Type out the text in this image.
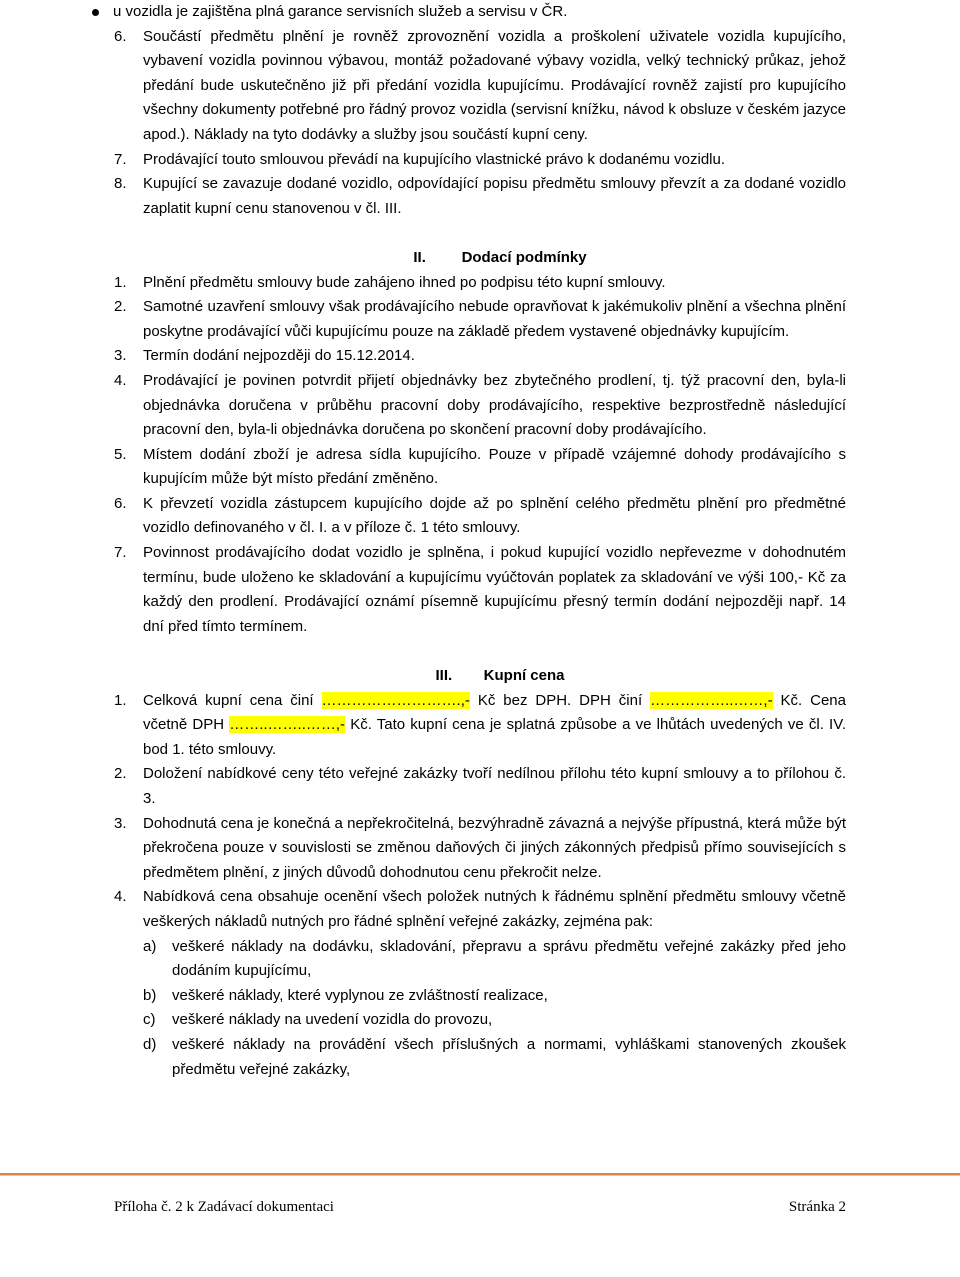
u vozidla je zajištěna plná garance servisních služeb a servisu v ČR.
6. Součástí předmětu plnění je rovněž zprovoznění vozidla a proškolení uživatele vozidla kupujícího, vybavení vozidla povinnou výbavou, montáž požadované výbavy vozidla, velký technický průkaz, jehož předání bude uskutečněno již při předání vozidla kupujícímu. Prodávající rovněž zajistí pro kupujícího všechny dokumenty potřebné pro řádný provoz vozidla (servisní knížku, návod k obsluze v českém jazyce apod.). Náklady na tyto dodávky a služby jsou součástí kupní ceny.

7. Prodávající touto smlouvou převádí na kupujícího vlastnické právo k dodanému vozidlu.

8. Kupující se zavazuje dodané vozidlo, odpovídající popisu předmětu smlouvy převzít a za dodané vozidlo zaplatit kupní cenu stanovenou v čl. III.

II. Dodací podmínky
1. Plnění předmětu smlouvy bude zahájeno ihned po podpisu této kupní smlouvy.

2. Samotné uzavření smlouvy však prodávajícího nebude opravňovat k jakémukoliv plnění a všechna plnění poskytne prodávající vůči kupujícímu pouze na základě předem vystavené objednávky kupujícím.

3. Termín dodání nejpozději do 15.12.2014.

4. Prodávající je povinen potvrdit přijetí objednávky bez zbytečného prodlení, tj. týž pracovní den, byla-li objednávka doručena v průběhu pracovní doby prodávajícího, respektive bezprostředně následující pracovní den, byla-li objednávka doručena po skončení pracovní doby prodávajícího.

5. Místem dodání zboží je adresa sídla kupujícího. Pouze v případě vzájemné dohody prodávajícího s kupujícím může být místo předání změněno.

6. K převzetí vozidla zástupcem kupujícího dojde až po splnění celého předmětu plnění pro předmětné vozidlo definovaného v čl. I. a v příloze č. 1 této smlouvy.

7. Povinnost prodávajícího dodat vozidlo je splněna, i pokud kupující vozidlo nepřevezme v dohodnutém termínu, bude uloženo ke skladování a kupujícímu vyúčtován poplatek za skladování ve výši 100,- Kč za každý den prodlení. Prodávající oznámí písemně kupujícímu přesný termín dodání nejpozději např. 14 dní před tímto termínem.

III. Kupní cena
1. Celková kupní cena činí ……………………….,- Kč bez DPH. DPH činí ……………..……,- Kč. Cena včetně DPH ……..……..……,- Kč. Tato kupní cena je splatná způsobe a ve lhůtách uvedených ve čl. IV. bod 1. této smlouvy.

2. Doložení nabídkové ceny této veřejné zakázky tvoří nedílnou přílohu této kupní smlouvy a to přílohou č. 3.

3. Dohodnutá cena je konečná a nepřekročitelná, bezvýhradně závazná a nejvýše přípustná, která může být překročena pouze v souvislosti se změnou daňových či jiných zákonných předpisů přímo souvisejících s předmětem plnění, z jiných důvodů dohodnutou cenu překročit nelze.

4. Nabídková cena obsahuje ocenění všech položek nutných k řádnému splnění předmětu smlouvy včetně veškerých nákladů nutných pro řádné splnění veřejné zakázky, zejména pak:

a) veškeré náklady na dodávku, skladování, přepravu a správu předmětu veřejné zakázky před jeho dodáním kupujícímu,

b) veškeré náklady, které vyplynou ze zvláštností realizace,

c) veškeré náklady na uvedení vozidla do provozu,

d) veškeré náklady na provádění všech příslušných a normami, vyhláškami stanovených zkoušek předmětu veřejné zakázky,

Příloha č. 2 k Zadávací dokumentaci	Stránka 2
